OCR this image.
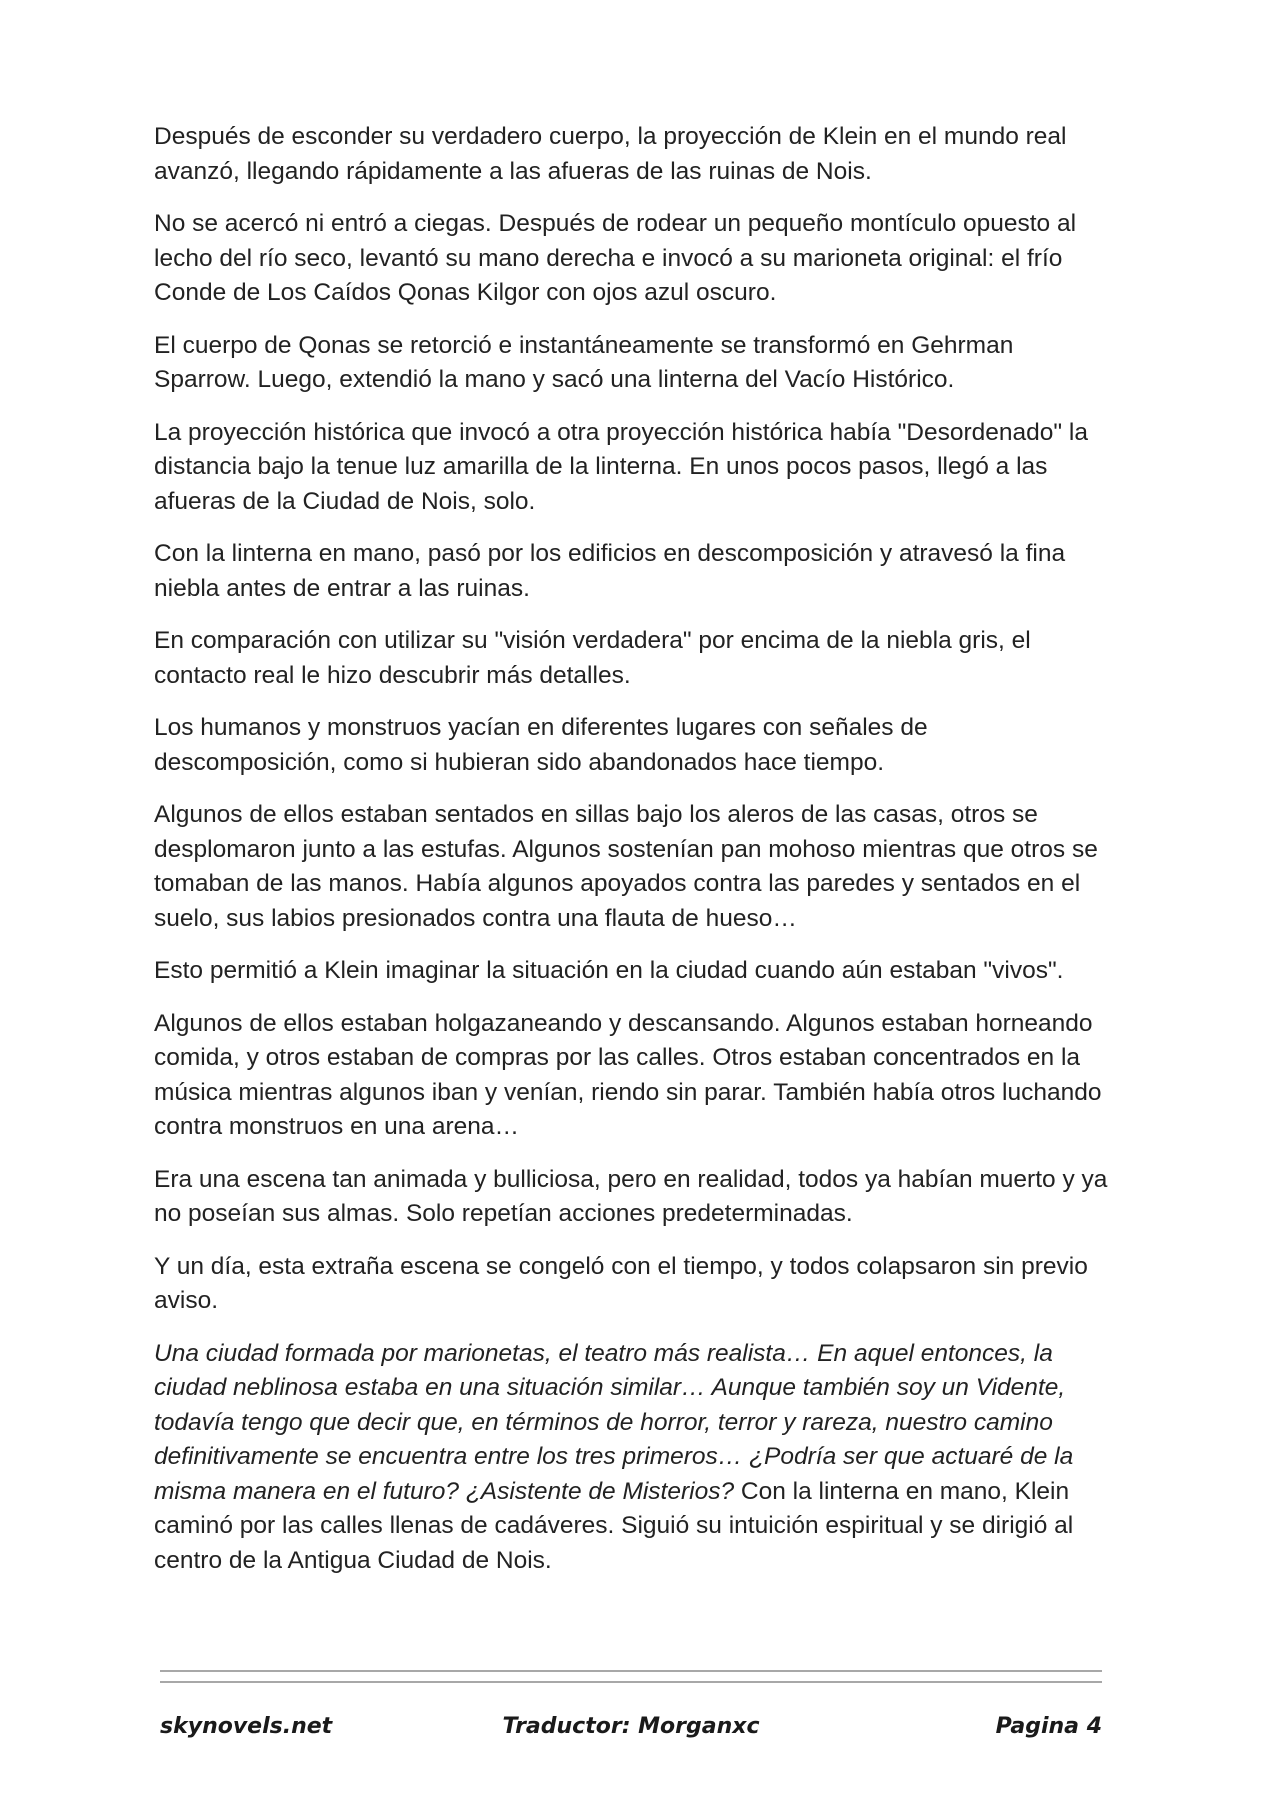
Después de esconder su verdadero cuerpo, la proyección de Klein en el mundo real avanzó, llegando rápidamente a las afueras de las ruinas de Nois.

No se acercó ni entró a ciegas. Después de rodear un pequeño montículo opuesto al lecho del río seco, levantó su mano derecha e invocó a su marioneta original: el frío Conde de Los Caídos Qonas Kilgor con ojos azul oscuro.

El cuerpo de Qonas se retorció e instantáneamente se transformó en Gehrman Sparrow. Luego, extendió la mano y sacó una linterna del Vacío Histórico.

La proyección histórica que invocó a otra proyección histórica había "Desordenado" la distancia bajo la tenue luz amarilla de la linterna. En unos pocos pasos, llegó a las afueras de la Ciudad de Nois, solo.

Con la linterna en mano, pasó por los edificios en descomposición y atravesó la fina niebla antes de entrar a las ruinas.

En comparación con utilizar su "visión verdadera" por encima de la niebla gris, el contacto real le hizo descubrir más detalles.

Los humanos y monstruos yacían en diferentes lugares con señales de descomposición, como si hubieran sido abandonados hace tiempo.

Algunos de ellos estaban sentados en sillas bajo los aleros de las casas, otros se desplomaron junto a las estufas. Algunos sostenían pan mohoso mientras que otros se tomaban de las manos. Había algunos apoyados contra las paredes y sentados en el suelo, sus labios presionados contra una flauta de hueso…

Esto permitió a Klein imaginar la situación en la ciudad cuando aún estaban "vivos".

Algunos de ellos estaban holgazaneando y descansando. Algunos estaban horneando comida, y otros estaban de compras por las calles. Otros estaban concentrados en la música mientras algunos iban y venían, riendo sin parar. También había otros luchando contra monstruos en una arena…

Era una escena tan animada y bulliciosa, pero en realidad, todos ya habían muerto y ya no poseían sus almas. Solo repetían acciones predeterminadas.

Y un día, esta extraña escena se congeló con el tiempo, y todos colapsaron sin previo aviso.

Una ciudad formada por marionetas, el teatro más realista… En aquel entonces, la ciudad neblinosa estaba en una situación similar… Aunque también soy un Vidente, todavía tengo que decir que, en términos de horror, terror y rareza, nuestro camino definitivamente se encuentra entre los tres primeros… ¿Podría ser que actuaré de la misma manera en el futuro? ¿Asistente de Misterios? Con la linterna en mano, Klein caminó por las calles llenas de cadáveres. Siguió su intuición espiritual y se dirigió al centro de la Antigua Ciudad de Nois.

Traductor: Morganxc
skynovels.net	Pagina 4
